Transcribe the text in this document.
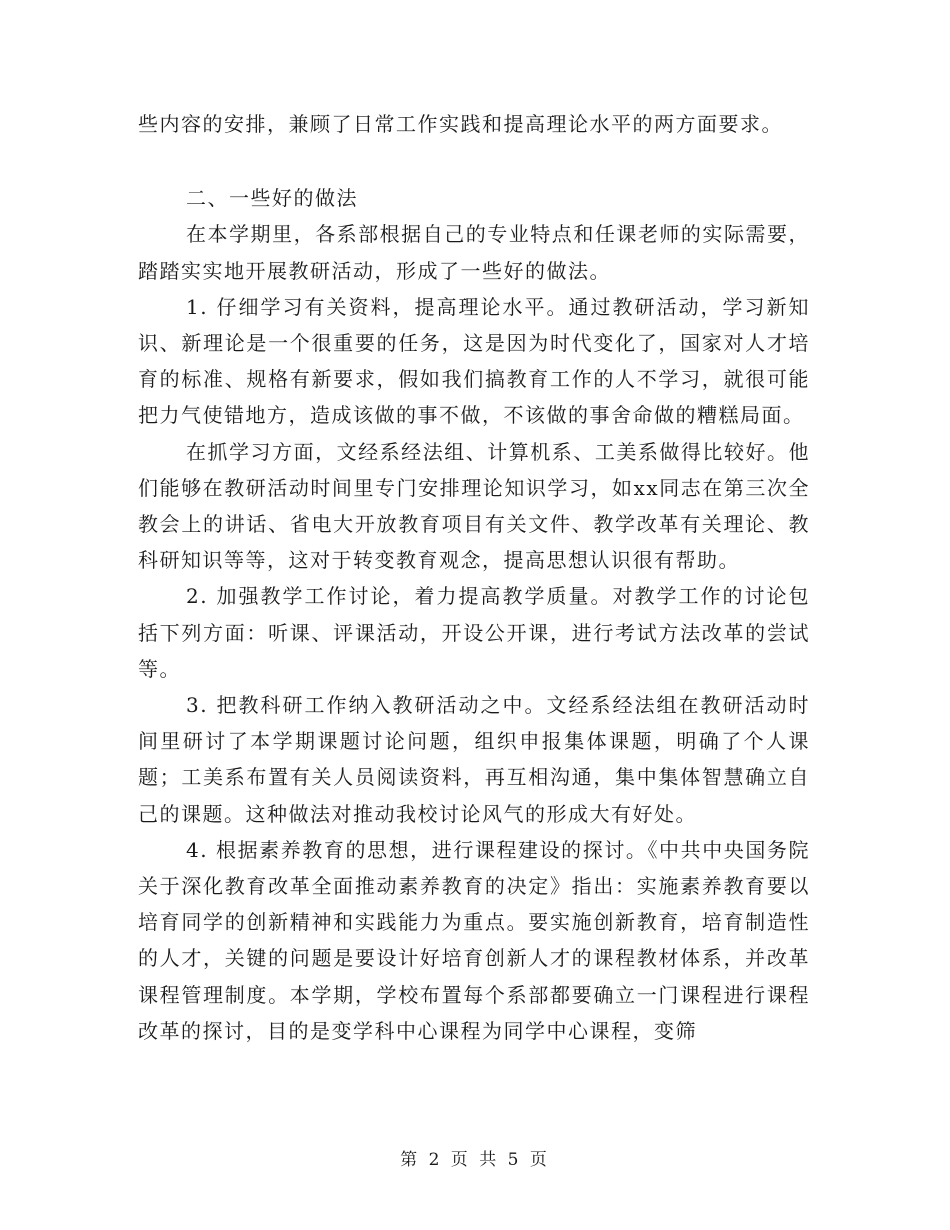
些内容的安排，兼顾了日常工作实践和提高理论水平的两方面要求。

二、一些好的做法

在本学期里，各系部根据自己的专业特点和任课老师的实际需要，踏踏实实地开展教研活动，形成了一些好的做法。

1. 仔细学习有关资料，提高理论水平。通过教研活动，学习新知识、新理论是一个很重要的任务，这是因为时代变化了，国家对人才培育的标准、规格有新要求，假如我们搞教育工作的人不学习，就很可能把力气使错地方，造成该做的事不做，不该做的事舍命做的糟糕局面。

在抓学习方面，文经系经法组、计算机系、工美系做得比较好。他们能够在教研活动时间里专门安排理论知识学习，如xx同志在第三次全教会上的讲话、省电大开放教育项目有关文件、教学改革有关理论、教科研知识等等，这对于转变教育观念，提高思想认识很有帮助。

2. 加强教学工作讨论，着力提高教学质量。对教学工作的讨论包括下列方面：听课、评课活动，开设公开课，进行考试方法改革的尝试等。

3. 把教科研工作纳入教研活动之中。文经系经法组在教研活动时间里研讨了本学期课题讨论问题，组织申报集体课题，明确了个人课题；工美系布置有关人员阅读资料，再互相沟通，集中集体智慧确立自己的课题。这种做法对推动我校讨论风气的形成大有好处。

4. 根据素养教育的思想，进行课程建设的探讨。《中共中央国务院关于深化教育改革全面推动素养教育的决定》指出：实施素养教育要以培育同学的创新精神和实践能力为重点。要实施创新教育，培育制造性的人才，关键的问题是要设计好培育创新人才的课程教材体系，并改革课程管理制度。本学期，学校布置每个系部都要确立一门课程进行课程改革的探讨，目的是变学科中心课程为同学中心课程，变筛

第 2 页 共 5 页
